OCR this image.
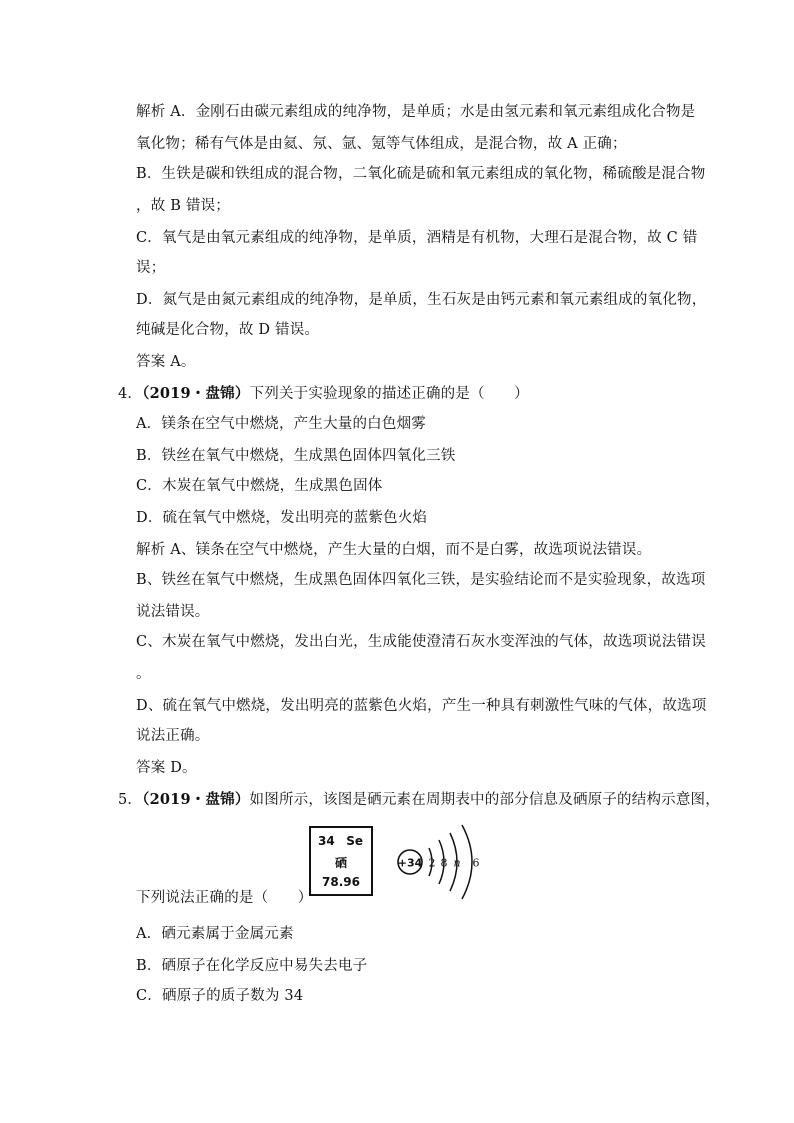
解析 A．金刚石由碳元素组成的纯净物，是单质；水是由氢元素和氧元素组成化合物是
氧化物；稀有气体是由氦、氖、氩、氪等气体组成，是混合物，故 A 正确；
B．生铁是碳和铁组成的混合物，二氧化硫是硫和氧元素组成的氧化物，稀硫酸是混合物
，故 B 错误；
C．氧气是由氧元素组成的纯净物，是单质，酒精是有机物，大理石是混合物，故 C 错
误；
D．氮气是由氮元素组成的纯净物，是单质，生石灰是由钙元素和氧元素组成的氧化物，
纯碱是化合物，故 D 错误。
答案 A。
4．（2019・盘锦）下列关于实验现象的描述正确的是（　　）
A．镁条在空气中燃烧，产生大量的白色烟雾
B．铁丝在氧气中燃烧，生成黑色固体四氧化三铁
C．木炭在氧气中燃烧，生成黑色固体
D．硫在氧气中燃烧，发出明亮的蓝紫色火焰
解析 A、镁条在空气中燃烧，产生大量的白烟，而不是白雾，故选项说法错误。
B、铁丝在氧气中燃烧，生成黑色固体四氧化三铁，是实验结论而不是实验现象，故选项
说法错误。
C、木炭在氧气中燃烧，发出白光，生成能使澄清石灰水变浑浊的气体，故选项说法错误
。
D、硫在氧气中燃烧，发出明亮的蓝紫色火焰，产生一种具有刺激性气味的气体，故选项
说法正确。
答案 D。
5．（2019・盘锦）如图所示，该图是硒元素在周期表中的部分信息及硒原子的结构示意图，
34 Se
硒
78.96
+34 2 8 n 6
下列说法正确的是（　　）
A．硒元素属于金属元素
B．硒原子在化学反应中易失去电子
C．硒原子的质子数为 34
